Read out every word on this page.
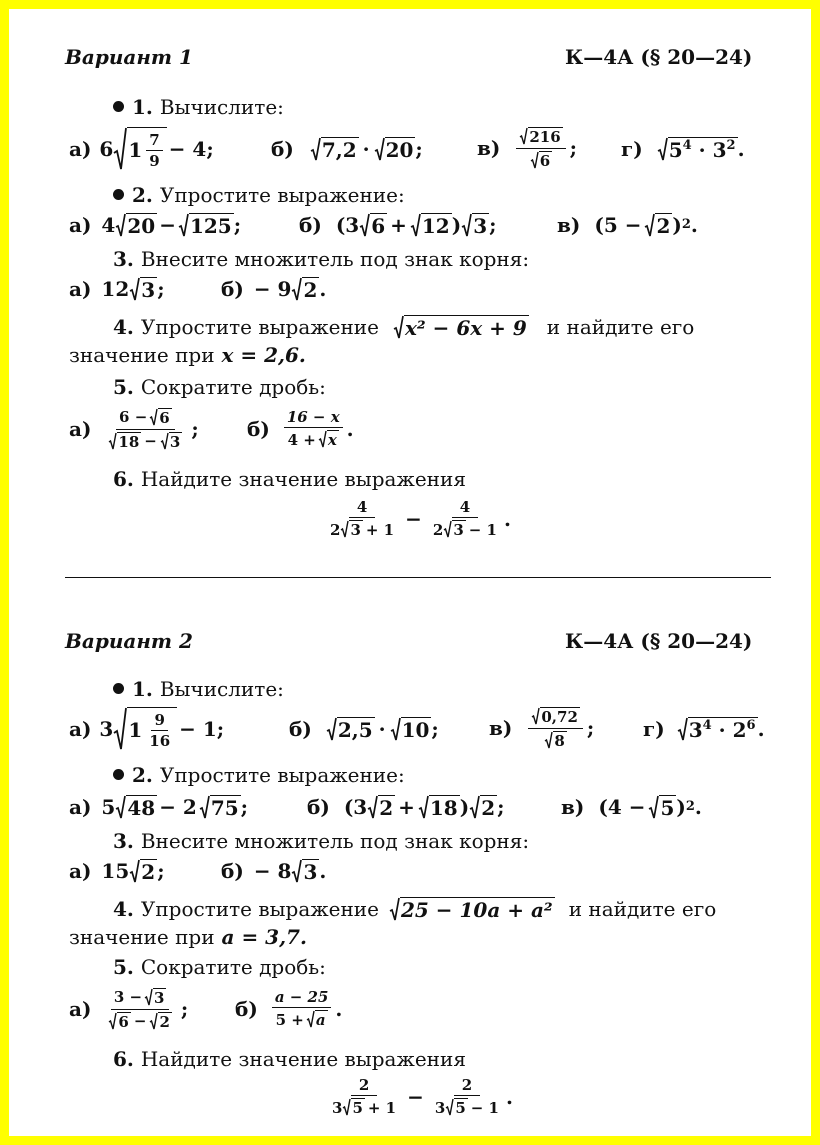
Вариант 1	К—4А (§ 20—24)
1. Вычислите:
а) 6 $1 \frac{7}{9} - 4$;	б) 7,2 · 20 ;	$в) \frac{216}{6}$ ; г) $5^4 \cdot 3^2$ .
2. Упростите выражение:
а) 4 20 − 125 ;	б) (3 6 + 12 ) 3 ;	в) (5 − 2 ) 2 .
3. Внесите множитель под знак корня:
а) 12 3 ;	б) − 9 2 .
4.
Упростите выражение x² − 6x + 9 и найдите его
значение при x = 2,6.
5. Сократите дробь:
$а) \frac{6 - 6}{18 - 3}$ ; $б) \frac{16 - x}{4 + x}$ .
6. Найдите значение выражения
$\frac{4}{2 3 + 1} - \frac{4}{2 3 - 1}$ .
Вариант 2	К—4А (§ 20—24)
1. Вычислите:
а) 3 $1 \frac{9}{16} - 1$;	б) 2,5 · 10 ;	$в) \frac{0,72}{8}$ ; г) $3^4 \cdot 2^6$ .
2. Упростите выражение:
а) 5 48 − 2 75 ;	б) (3 2 + 18 ) 2 ;	в) (4 − 5 ) 2 .
3. Внесите множитель под знак корня:
а) 15 2 ;	б) − 8 3 .
4.
Упростите выражение 25 − 10a + a² и найдите его
значение при a = 3,7.
5. Сократите дробь:
$а) \frac{3 - 3}{6 - 2}$ ; $б) \frac{a - 25}{5 + a}$ .
6. Найдите значение выражения
$\frac{2}{3 5 + 1} - \frac{2}{3 5 - 1}$ .
